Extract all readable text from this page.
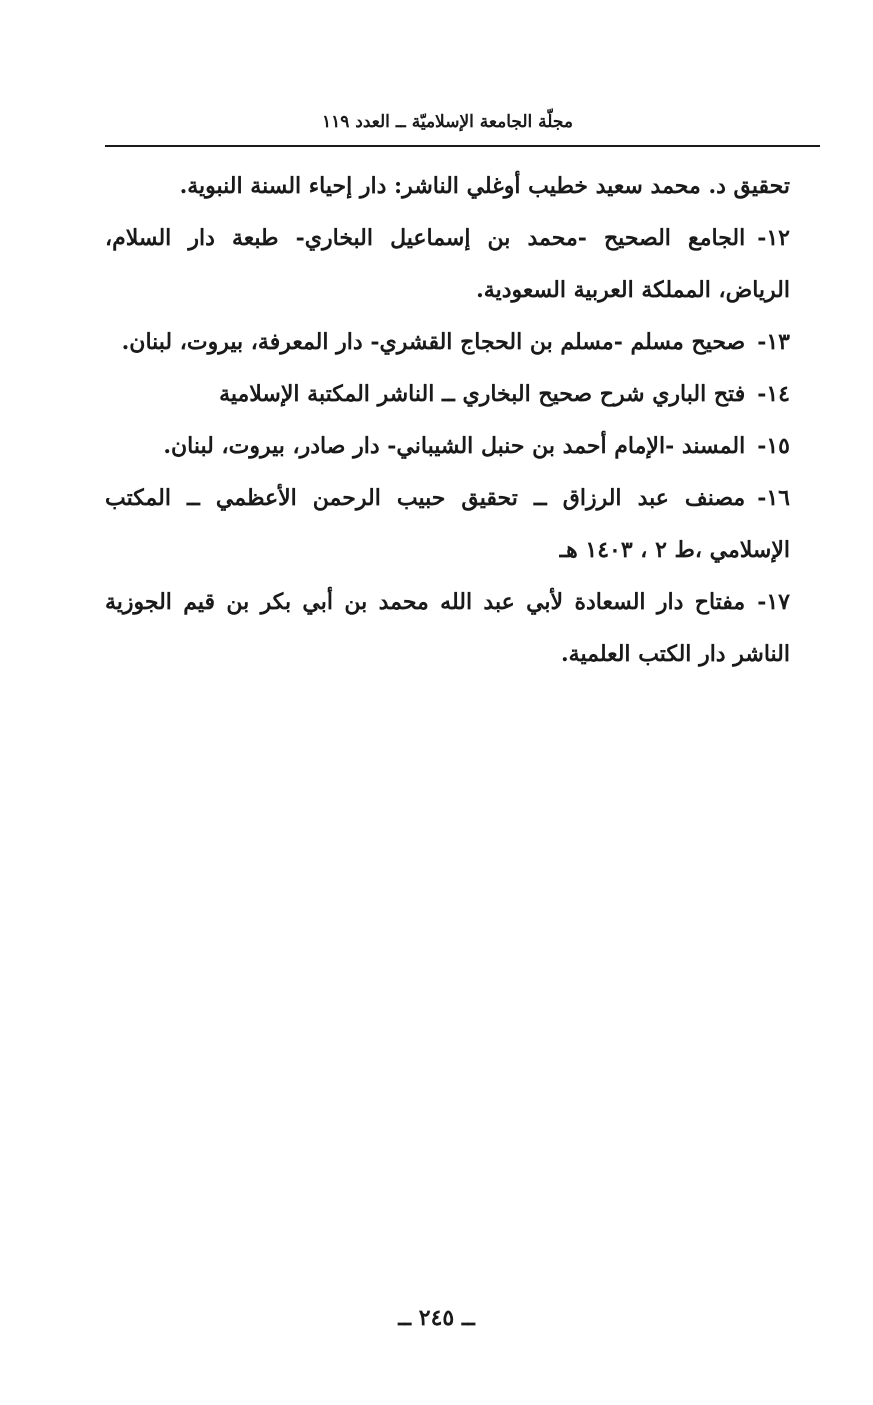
مجلّة الجامعة الإسلاميّة ــ العدد ١١٩

تحقيق د. محمد سعيد خطيب أوغلي الناشر: دار إحياء السنة النبوية.

١٢-الجامع الصحيح -محمد بن إسماعيل البخاري- طبعة دار السلام، الرياض، المملكة العربية السعودية.

١٣-صحيح مسلم -مسلم بن الحجاج القشري- دار المعرفة، بيروت، لبنان.

١٤-فتح الباري شرح صحيح البخاري ــ الناشر المكتبة الإسلامية

١٥-المسند -الإمام أحمد بن حنبل الشيباني- دار صادر، بيروت، لبنان.

١٦-مصنف عبد الرزاق ــ تحقيق حبيب الرحمن الأعظمي ــ المكتب الإسلامي ،ط ٢ ، ١٤٠٣ هـ

١٧-مفتاح دار السعادة لأبي عبد الله محمد بن أبي بكر بن قيم الجوزية الناشر دار الكتب العلمية.

ــ ٢٤٥ ــ
